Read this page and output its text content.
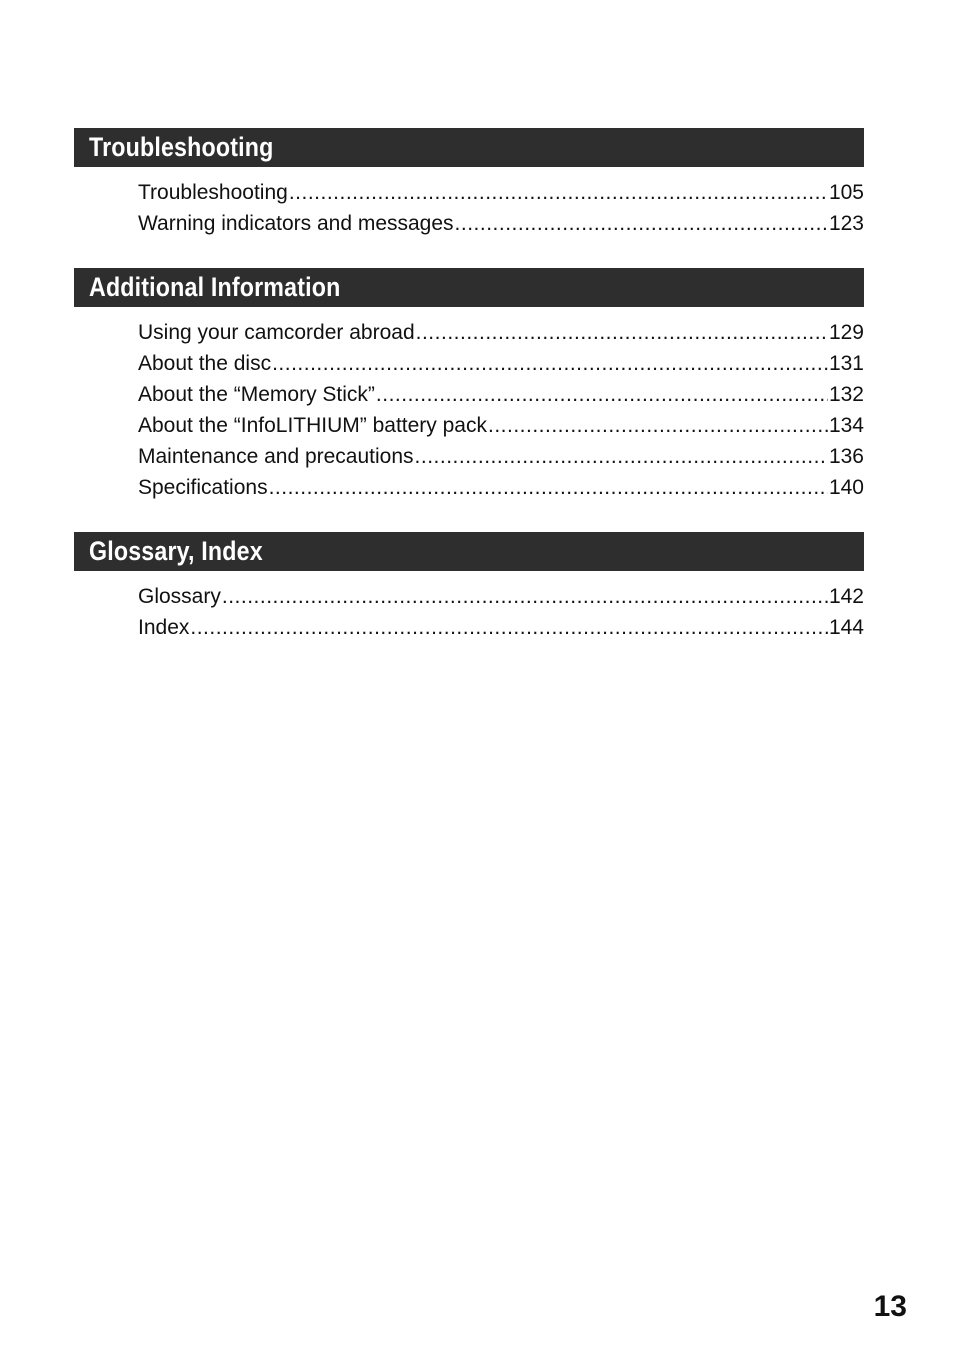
Troubleshooting
Troubleshooting .....	105
Warning indicators and messages .....	123
Additional Information
Using your camcorder abroad .....	129
About the disc .....	131
About the “Memory Stick” .....	132
About the “InfoLITHIUM” battery pack .....	134
Maintenance and precautions .....	136
Specifications .....	140
Glossary, Index
Glossary .....	142
Index .....	144
13
